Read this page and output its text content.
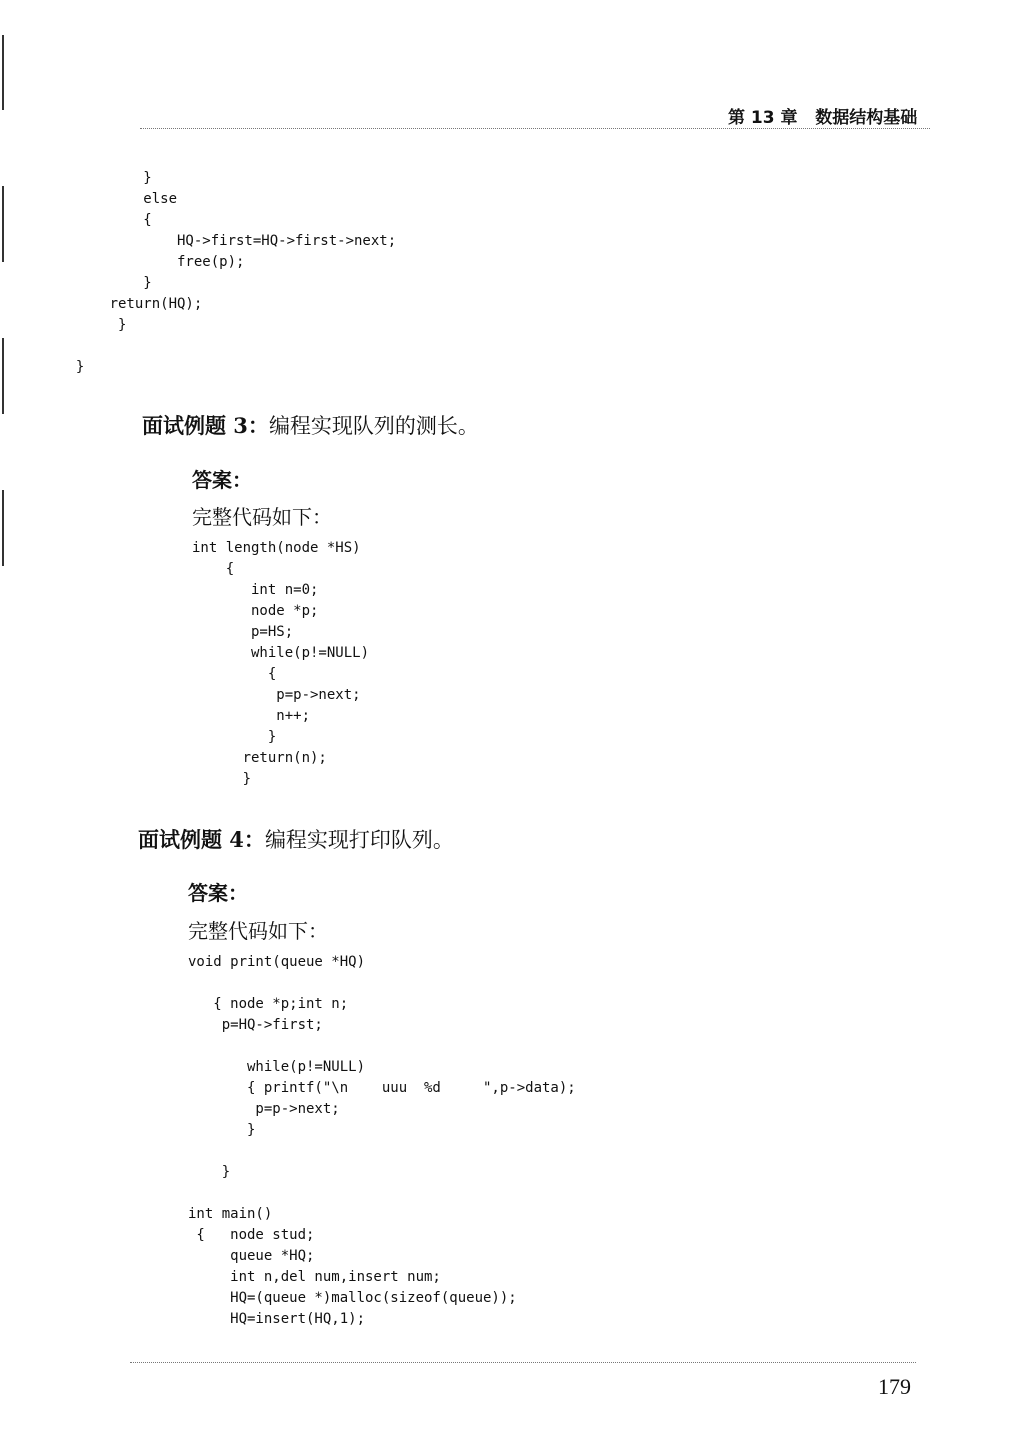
第 13 章 数据结构基础
}
else
{
HQ->first=HQ->first->next;
free(p);
}
return(HQ);
}

}
面试例题 3：编程实现队列的测长。
答案：
完整代码如下：
int length(node *HS)
{
int n=0;
node *p;
p=HS;
while(p!=NULL)
{
p=p->next;
n++;
}
return(n);
}
面试例题 4：编程实现打印队列。
答案：
完整代码如下：
void print(queue *HQ)

{ node *p;int n;
p=HQ->first;

while(p!=NULL)
{ printf("\n    uuu  %d     ",p->data);
p=p->next;
}

}

int main()
{   node stud;
queue *HQ;
int n,del num,insert num;
HQ=(queue *)malloc(sizeof(queue));
HQ=insert(HQ,1);
179
